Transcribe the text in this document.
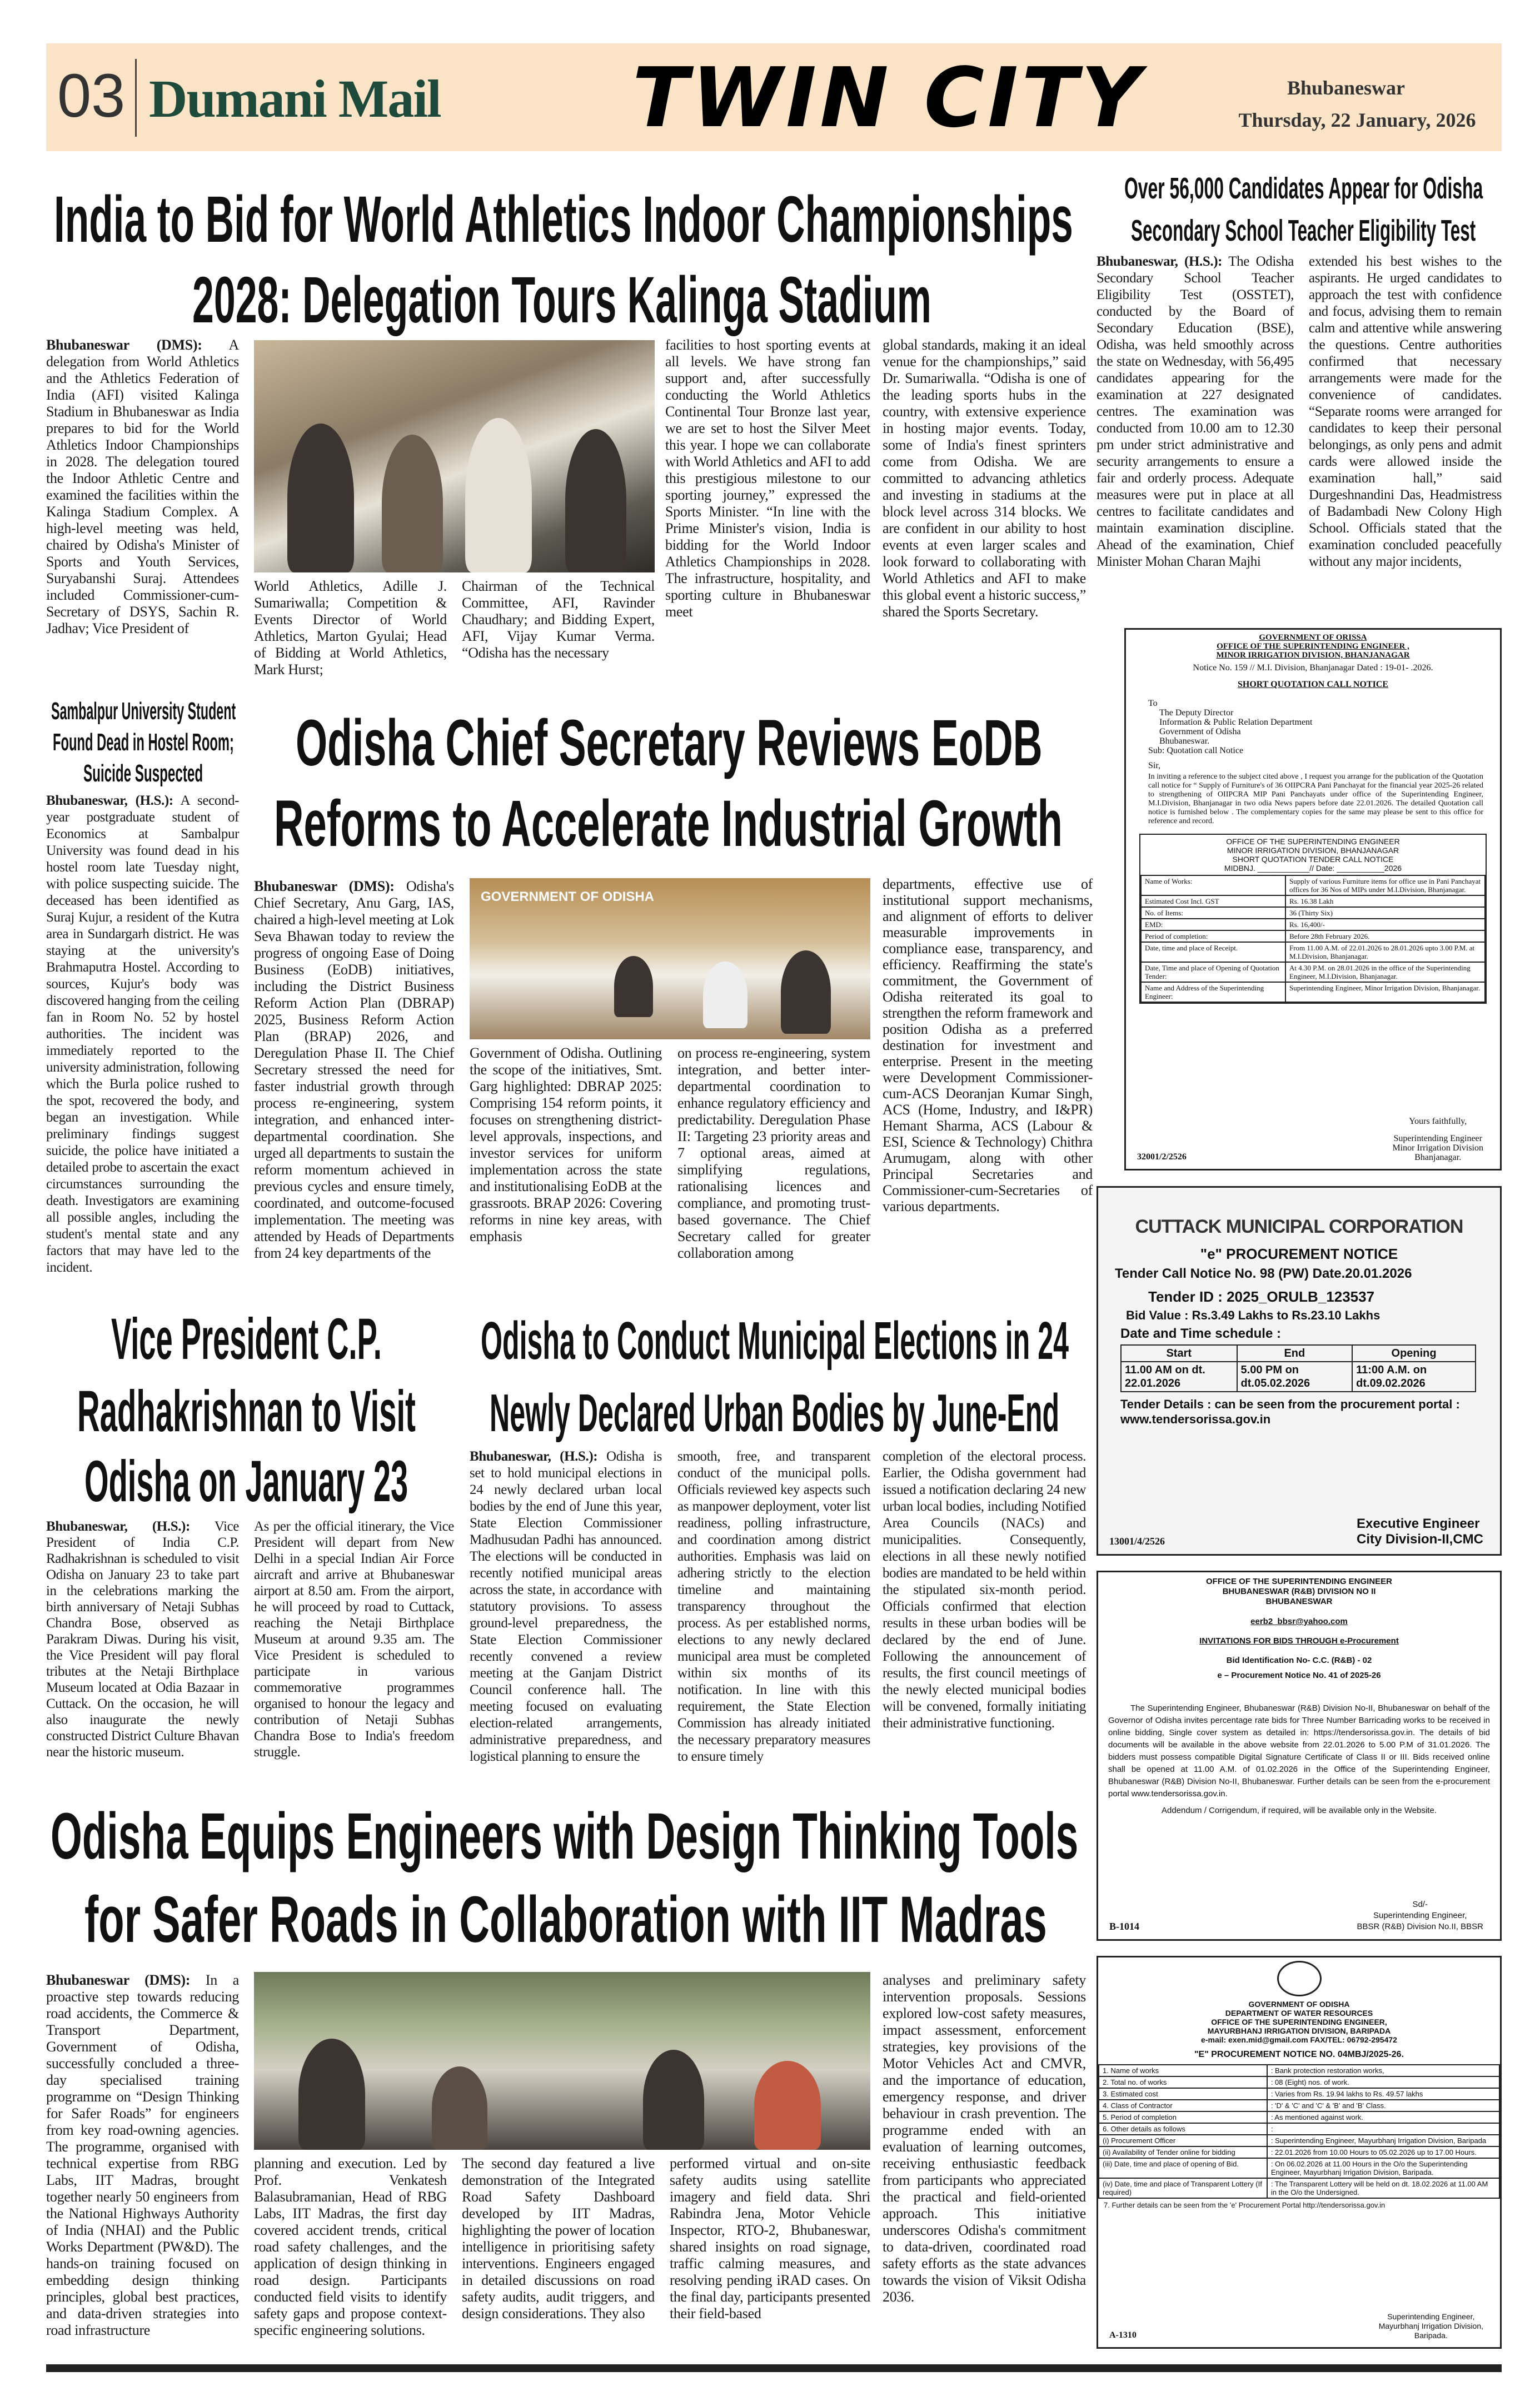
03 Dumani Mail	TWIN CITY	Bhubaneswar
Thursday, 22 January, 2026
Bhubaneswar (DMS): A delegation from World Athletics and the Athletics Federation of India (AFI) visited Kalinga Stadium in Bhubaneswar as India prepares to bid for the World Athletics Indoor Championships in 2028. The delegation toured the Indoor Athletic Centre and examined the facilities within the Kalinga Stadium Complex. A high-level meeting was held, chaired by Odisha's Minister of Sports and Youth Services, Suryabanshi Suraj. Attendees included Commissioner-cum-Secretary of DSYS, Sachin R. Jadhav; Vice President of
World Athletics, Adille J. Sumariwalla; Competition & Events Director of World Athletics, Marton Gyulai; Head of Bidding at World Athletics, Mark Hurst;
Chairman of the Technical Committee, AFI, Ravinder Chaudhary; and Bidding Expert, AFI, Vijay Kumar Verma. “Odisha has the necessary
facilities to host sporting events at all levels. We have strong fan support and, after successfully conducting the World Athletics Continental Tour Bronze last year, we are set to host the Silver Meet this year. I hope we can collaborate with World Athletics and AFI to add this prestigious milestone to our sporting journey,” expressed the Sports Minister. “In line with the Prime Minister's vision, India is bidding for the World Indoor Athletics Championships in 2028. The infrastructure, hospitality, and sporting culture in Bhubaneswar meet
global standards, making it an ideal venue for the championships,” said Dr. Sumariwalla. “Odisha is one of the leading sports hubs in the country, with extensive experience in hosting major events. Today, some of India's finest sprinters come from Odisha. We are committed to advancing athletics and investing in stadiums at the block level across 314 blocks. We are confident in our ability to host events at even larger scales and look forward to collaborating with World Athletics and AFI to make this global event a historic success,” shared the Sports Secretary.
Bhubaneswar, (H.S.): The Odisha Secondary School Teacher Eligibility Test (OSSTET), conducted by the Board of Secondary Education (BSE), Odisha, was held smoothly across the state on Wednesday, with 56,495 candidates appearing for the examination at 227 designated centres. The examination was conducted from 10.00 am to 12.30 pm under strict administrative and security arrangements to ensure a fair and orderly process. Adequate measures were put in place at all centres to facilitate candidates and maintain examination discipline. Ahead of the examination, Chief Minister Mohan Charan Majhi
extended his best wishes to the aspirants. He urged candidates to approach the test with confidence and focus, advising them to remain calm and attentive while answering the questions. Centre authorities confirmed that necessary arrangements were made for the convenience of candidates. “Separate rooms were arranged for candidates to keep their personal belongings, as only pens and admit cards were allowed inside the examination hall,” said Durgeshnandini Das, Headmistress of Badambadi New Colony High School. Officials stated that the examination concluded peacefully without any major incidents,
Bhubaneswar, (H.S.): A second-year postgraduate student of Economics at Sambalpur University was found dead in his hostel room late Tuesday night, with police suspecting suicide. The deceased has been identified as Suraj Kujur, a resident of the Kutra area in Sundargarh district. He was staying at the university's Brahmaputra Hostel. According to sources, Kujur's body was discovered hanging from the ceiling fan in Room No. 52 by hostel authorities. The incident was immediately reported to the university administration, following which the Burla police rushed to the spot, recovered the body, and began an investigation. While preliminary findings suggest suicide, the police have initiated a detailed probe to ascertain the exact circumstances surrounding the death. Investigators are examining all possible angles, including the student's mental state and any factors that may have led to the incident.
Bhubaneswar (DMS): Odisha's Chief Secretary, Anu Garg, IAS, chaired a high-level meeting at Lok Seva Bhawan today to review the progress of ongoing Ease of Doing Business (EoDB) initiatives, including the District Business Reform Action Plan (DBRAP) 2025, Business Reform Action Plan (BRAP) 2026, and Deregulation Phase II. The Chief Secretary stressed the need for faster industrial growth through process re-engineering, system integration, and enhanced inter-departmental coordination. She urged all departments to sustain the reform momentum achieved in previous cycles and ensure timely, coordinated, and outcome-focused implementation. The meeting was attended by Heads of Departments from 24 key departments of the
GOVERNMENT OF ODISHA
Government of Odisha. Outlining the scope of the initiatives, Smt. Garg highlighted: DBRAP 2025: Comprising 154 reform points, it focuses on strengthening district-level approvals, inspections, and investor services for uniform implementation across the state and institutionalising EoDB at the grassroots. BRAP 2026: Covering reforms in nine key areas, with emphasis
on process re-engineering, system integration, and better inter-departmental coordination to enhance regulatory efficiency and predictability. Deregulation Phase II: Targeting 23 priority areas and 7 optional areas, aimed at simplifying regulations, rationalising licences and compliance, and promoting trust-based governance. The Chief Secretary called for greater collaboration among
departments, effective use of institutional support mechanisms, and alignment of efforts to deliver measurable improvements in compliance ease, transparency, and efficiency. Reaffirming the state's commitment, the Government of Odisha reiterated its goal to strengthen the reform framework and position Odisha as a preferred destination for investment and enterprise. Present in the meeting were Development Commissioner-cum-ACS Deoranjan Kumar Singh, ACS (Home, Industry, and I&PR) Hemant Sharma, ACS (Labour & ESI, Science & Technology) Chithra Arumugam, along with other Principal Secretaries and Commissioner-cum-Secretaries of various departments.
Bhubaneswar, (H.S.): Vice President of India C.P. Radhakrishnan is scheduled to visit Odisha on January 23 to take part in the celebrations marking the birth anniversary of Netaji Subhas Chandra Bose, observed as Parakram Diwas. During his visit, the Vice President will pay floral tributes at the Netaji Birthplace Museum located at Odia Bazaar in Cuttack. On the occasion, he will also inaugurate the newly constructed District Culture Bhavan near the historic museum.
As per the official itinerary, the Vice President will depart from New Delhi in a special Indian Air Force aircraft and arrive at Bhubaneswar airport at 8.50 am. From the airport, he will proceed by road to Cuttack, reaching the Netaji Birthplace Museum at around 9.35 am. The Vice President is scheduled to participate in various commemorative programmes organised to honour the legacy and contribution of Netaji Subhas Chandra Bose to India's freedom struggle.
Bhubaneswar, (H.S.): Odisha is set to hold municipal elections in 24 newly declared urban local bodies by the end of June this year, State Election Commissioner Madhusudan Padhi has announced. The elections will be conducted in recently notified municipal areas across the state, in accordance with statutory provisions. To assess ground-level preparedness, the State Election Commissioner recently convened a review meeting at the Ganjam District Council conference hall. The meeting focused on evaluating election-related arrangements, administrative preparedness, and logistical planning to ensure the
smooth, free, and transparent conduct of the municipal polls. Officials reviewed key aspects such as manpower deployment, voter list readiness, polling infrastructure, and coordination among district authorities. Emphasis was laid on adhering strictly to the election timeline and maintaining transparency throughout the process. As per established norms, elections to any newly declared municipal area must be completed within six months of its notification. In line with this requirement, the State Election Commission has already initiated the necessary preparatory measures to ensure timely
completion of the electoral process. Earlier, the Odisha government had issued a notification declaring 24 new urban local bodies, including Notified Area Councils (NACs) and municipalities. Consequently, elections in all these newly notified bodies are mandated to be held within the stipulated six-month period. Officials confirmed that election results in these urban bodies will be declared by the end of June. Following the announcement of results, the first council meetings of the newly elected municipal bodies will be convened, formally initiating their administrative functioning.
Bhubaneswar (DMS): In a proactive step towards reducing road accidents, the Commerce & Transport Department, Government of Odisha, successfully concluded a three-day specialised training programme on “Design Thinking for Safer Roads” for engineers from key road-owning agencies. The programme, organised with technical expertise from RBG Labs, IIT Madras, brought together nearly 50 engineers from the National Highways Authority of India (NHAI) and the Public Works Department (PW&D). The hands-on training focused on embedding design thinking principles, global best practices, and data-driven strategies into road infrastructure
planning and execution. Led by Prof. Venkatesh Balasubramanian, Head of RBG Labs, IIT Madras, the first day covered accident trends, critical road safety challenges, and the application of design thinking in road design. Participants conducted field visits to identify safety gaps and propose context-specific engineering solutions.
The second day featured a live demonstration of the Integrated Road Safety Dashboard developed by IIT Madras, highlighting the power of location intelligence in prioritising safety interventions. Engineers engaged in detailed discussions on road safety audits, audit triggers, and design considerations. They also
performed virtual and on-site safety audits using satellite imagery and field data. Shri Rabindra Jena, Motor Vehicle Inspector, RTO-2, Bhubaneswar, shared insights on road signage, traffic calming measures, and resolving pending iRAD cases. On the final day, participants presented their field-based
analyses and preliminary safety intervention proposals. Sessions explored low-cost safety measures, impact assessment, enforcement strategies, key provisions of the Motor Vehicles Act and CMVR, and the importance of education, emergency response, and driver behaviour in crash prevention. The programme ended with an evaluation of learning outcomes, receiving enthusiastic feedback from participants who appreciated the practical and field-oriented approach. This initiative underscores Odisha's commitment to data-driven, coordinated road safety efforts as the state advances towards the vision of Viksit Odisha 2036.
GOVERNMENT OF ORISSA
OFFICE OF THE SUPERINTENDING ENGINEER ,
MINOR IRRIGATION DIVISION, BHANJANAGAR
Notice No. 159 // M.I. Division, Bhanjanagar Dated : 19-01- .2026.
SHORT QUOTATION CALL NOTICE
To
The Deputy Director
Information & Public Relation Department
Government of Odisha
Bhubaneswar.
Sub: Quotation call Notice
Sir,
In inviting a reference to the subject cited above , I request you arrange for the publication of the Quotation call notice for “ Supply of Furniture's of 36 OIIPCRA Pani Panchayat for the financial year 2025-26 related to strengthening of OIIPCRA MIP Pani Panchayats under office of the Superintending Engineer, M.I.Division, Bhanjanagar in two odia News papers before date 22.01.2026. The detailed Quotation call notice is furnished below . The complementary copies for the same may please be sent to this office for reference and record.
OFFICE OF THE SUPERINTENDING ENGINEER
MINOR IRRIGATION DIVISION, BHANJANAGAR
SHORT QUOTATION TENDER CALL NOTICE
MIDBNJ. ____________// Date: ___________2026
Name of Works:	Supply of various Furniture items for office use in Pani Panchayat offices for 36 Nos of MIPs under M.I.Division, Bhanjanagar.
Estimated Cost Incl. GST	Rs. 16.38 Lakh
No. of Items:	36 (Thirty Six)
EMD:	Rs. 16,400/-
Period of completion:	Before 28th February 2026.
Date, time and place of Receipt.	From 11.00 A.M. of 22.01.2026 to 28.01.2026 upto 3.00 P.M. at M.I.Division, Bhanjanagar.
Date, Time and place of Opening of Quotation Tender:	At 4.30 P.M. on 28.01.2026 in the office of the Superintending Engineer, M.I.Division, Bhanjanagar.
Name and Address of the Superintending Engineer:	Superintending Engineer, Minor Irrigation Division, Bhanjanagar.
32001/2/2526
Yours faithfully,
Superintending Engineer
Minor Irrigation Division
Bhanjanagar.
CUTTACK MUNICIPAL CORPORATION
"e" PROCUREMENT NOTICE
Tender Call Notice No. 98 (PW) Date.20.01.2026
Tender ID : 2025_ORULB_123537
Bid Value : Rs.3.49 Lakhs to Rs.23.10 Lakhs
Date and Time schedule :
Start	End	Opening
11.00 AM on dt. 22.01.2026	5.00 PM on dt.05.02.2026	11:00 A.M. on dt.09.02.2026
Tender Details : can be seen from the procurement portal : www.tendersorissa.gov.in
13001/4/2526
Executive Engineer
City Division-II,CMC
OFFICE OF THE SUPERINTENDING ENGINEER
BHUBANESWAR (R&B) DIVISION NO II
BHUBANESWAR
eerb2_bbsr@yahoo.com
INVITATIONS FOR BIDS THROUGH e-Procurement
Bid Identification No- C.C. (R&B) - 02
e – Procurement Notice No. 41 of 2025-26
The Superintending Engineer, Bhubaneswar (R&B) Division No-II, Bhubaneswar on behalf of the Governor of Odisha invites percentage rate bids for Three Number Barricading works to be received in online bidding, Single cover system as detailed in: https://tendersorissa.gov.in. The details of bid documents will be available in the above website from 22.01.2026 to 5.00 P.M of 31.01.2026. The bidders must possess compatible Digital Signature Certificate of Class II or III. Bids received online shall be opened at 11.00 A.M. of 01.02.2026 in the Office of the Superintending Engineer, Bhubaneswar (R&B) Division No-II, Bhubaneswar. Further details can be seen from the e-procurement portal www.tendersorissa.gov.in.
Addendum / Corrigendum, if required, will be available only in the Website.
B-1014
Sd/-
Superintending Engineer,
BBSR (R&B) Division No.II, BBSR
GOVERNMENT OF ODISHA
DEPARTMENT OF WATER RESOURCES
OFFICE OF THE SUPERINTENDING ENGINEER,
MAYURBHANJ IRRIGATION DIVISION, BARIPADA
e-mail: exen.mid@gmail.com FAX/TEL: 06792-295472
"E" PROCUREMENT NOTICE NO. 04MBJ/2025-26.
1. Name of works	: Bank protection restoration works,
2. Total no. of works	: 08 (Eight) nos. of work.
3. Estimated cost	: Varies from Rs. 19.94 lakhs to Rs. 49.57 lakhs
4. Class of Contractor	: 'D' & 'C' and 'C' & 'B' and 'B' Class.
5. Period of completion	: As mentioned against work.
6. Other details as follows	:
(i) Procurement Officer	: Superintending Engineer, Mayurbhanj Irrigation Division, Baripada
(ii) Availability of Tender online for bidding	: 22.01.2026 from 10.00 Hours to 05.02.2026 up to 17.00 Hours.
(iii) Date, time and place of opening of Bid.	: On 06.02.2026 at 11.00 Hours in the O/o the Superintending Engineer, Mayurbhanj Irrigation Division, Baripada.
(iv) Date, time and place of Transparent Lottery (If required)	: The Transparent Lottery will be held on dt. 18.02.2026 at 11.00 AM in the O/o the Undersigned.
7. Further details can be seen from the 'e' Procurement Portal http://tendersorissa.gov.in
A-1310
Superintending Engineer,
Mayurbhanj Irrigation Division,
Baripada.
India to Bid for World Athletics Indoor Championships
2028: Delegation Tours Kalinga Stadium
Over 56,000 Candidates Appear for Odisha
Secondary School Teacher Eligibility Test
Sambalpur University Student
Found Dead in Hostel Room;
Suicide Suspected Odisha Chief Secretary Reviews EoDB
Reforms to Accelerate Industrial Growth
Vice President C.P.
Radhakrishnan to Visit
Odisha on January 23
Odisha to Conduct Municipal Elections in 24
Newly Declared Urban Bodies by June-End
Odisha Equips Engineers with Design Thinking Tools
for Safer Roads in Collaboration with IIT Madras
